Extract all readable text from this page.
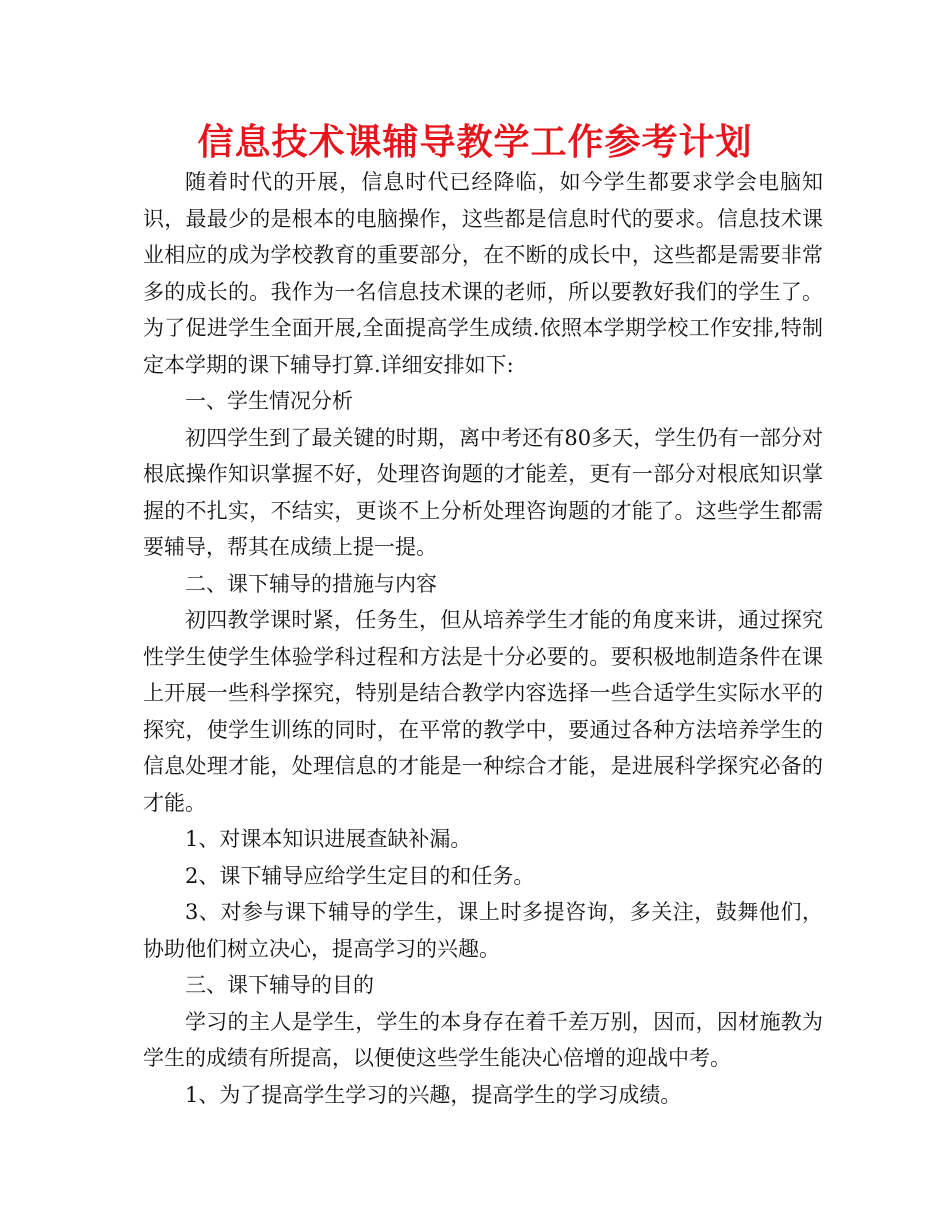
信息技术课辅导教学工作参考计划

随着时代的开展，信息时代已经降临，如今学生都要求学会电脑知识，最最少的是根本的电脑操作，这些都是信息时代的要求。信息技术课业相应的成为学校教育的重要部分，在不断的成长中，这些都是需要非常多的成长的。我作为一名信息技术课的老师，所以要教好我们的学生了。为了促进学生全面开展,全面提高学生成绩.依照本学期学校工作安排,特制定本学期的课下辅导打算.详细安排如下:

一、学生情况分析

初四学生到了最关键的时期，离中考还有80多天，学生仍有一部分对根底操作知识掌握不好，处理咨询题的才能差，更有一部分对根底知识掌握的不扎实，不结实，更谈不上分析处理咨询题的才能了。这些学生都需要辅导，帮其在成绩上提一提。

二、课下辅导的措施与内容

初四教学课时紧，任务生，但从培养学生才能的角度来讲，通过探究性学生使学生体验学科过程和方法是十分必要的。要积极地制造条件在课上开展一些科学探究，特别是结合教学内容选择一些合适学生实际水平的探究，使学生训练的同时，在平常的教学中，要通过各种方法培养学生的信息处理才能，处理信息的才能是一种综合才能，是进展科学探究必备的才能。

1、对课本知识进展查缺补漏。

2、课下辅导应给学生定目的和任务。

3、对参与课下辅导的学生，课上时多提咨询，多关注，鼓舞他们，协助他们树立决心，提高学习的兴趣。

三、课下辅导的目的

学习的主人是学生，学生的本身存在着千差万别，因而，因材施教为学生的成绩有所提高，以便使这些学生能决心倍增的迎战中考。

1、为了提高学生学习的兴趣，提高学生的学习成绩。
